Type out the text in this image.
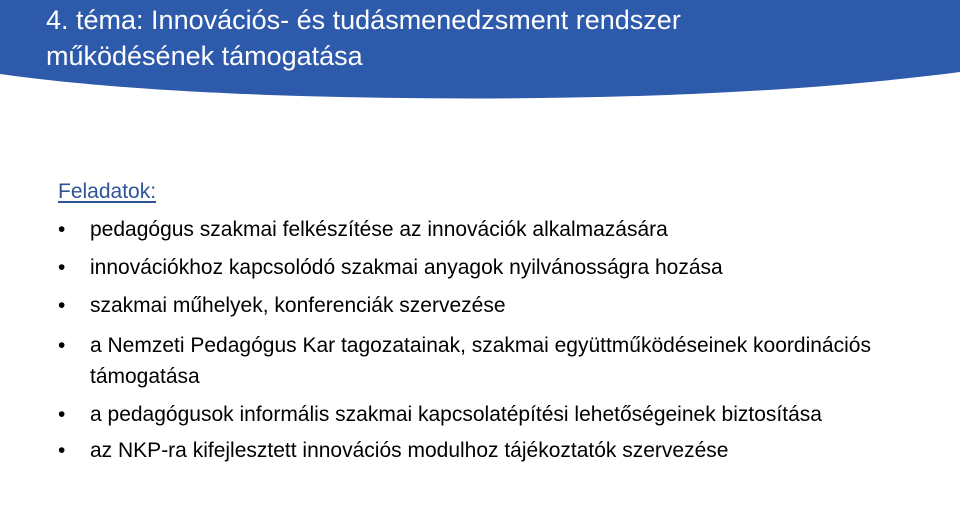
4. téma: Innovációs- és tudásmenedzsment rendszer
működésének támogatása
Feladatok:
• pedagógus szakmai felkészítése az innovációk alkalmazására
• innovációkhoz kapcsolódó szakmai anyagok nyilvánosságra hozása
• szakmai műhelyek, konferenciák szervezése
• a Nemzeti Pedagógus Kar tagozatainak, szakmai együttműködéseinek koordinációs támogatása
• a pedagógusok informális szakmai kapcsolatépítési lehetőségeinek biztosítása
• az NKP-ra kifejlesztett innovációs modulhoz tájékoztatók szervezése
